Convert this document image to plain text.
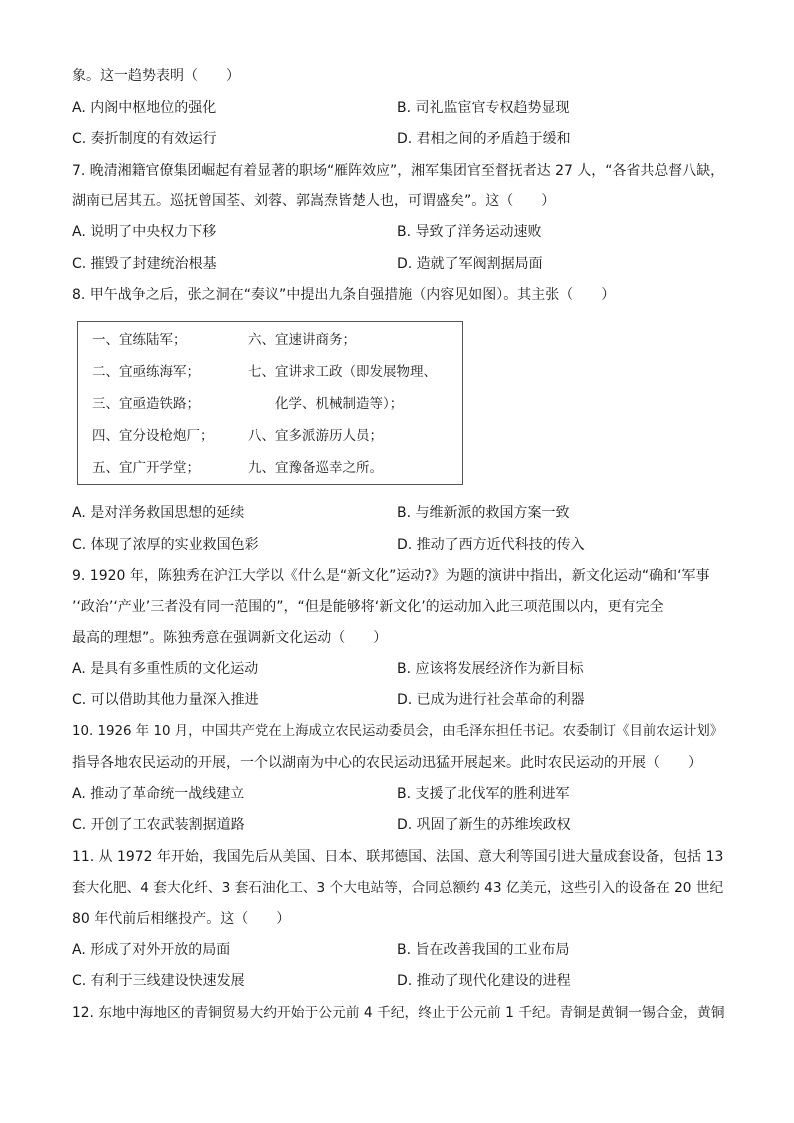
象。这一趋势表明（　　）
A. 内阁中枢地位的强化	B. 司礼监宦官专权趋势显现
C. 奏折制度的有效运行	D. 君相之间的矛盾趋于缓和
7. 晚清湘籍官僚集团崛起有着显著的职场“雁阵效应”，湘军集团官至督抚者达 27 人，“各省共总督八缺，
湖南已居其五。巡抚曾国荃、刘蓉、郭嵩焘皆楚人也，可谓盛矣”。这（　　）
A. 说明了中央权力下移	B. 导致了洋务运动速败
C. 摧毁了封建统治根基	D. 造就了军阀割据局面
8. 甲午战争之后，张之洞在“奏议”中提出九条自强措施（内容见如图）。其主张（　　）
一、宜练陆军；
二、宜亟练海军；
三、宜亟造铁路；
四、宜分设枪炮厂；
五、宜广开学堂；
六、宜速讲商务；
七、宜讲求工政（即发展物理、
化学、机械制造等）；
八、宜多派游历人员；
九、宜豫备巡幸之所。
A. 是对洋务救国思想的延续	B. 与维新派的救国方案一致
C. 体现了浓厚的实业救国色彩	D. 推动了西方近代科技的传入
9. 1920 年，陈独秀在沪江大学以《什么是“新文化”运动?》为题的演讲中指出，新文化运动“确和‘军事
’‘政治’‘产业’三者没有同一范围的”，“但是能够将‘新文化’的运动加入此三项范围以内，更有完全
最高的理想”。陈独秀意在强调新文化运动（　　）
A. 是具有多重性质的文化运动	B. 应该将发展经济作为新目标
C. 可以借助其他力量深入推进	D. 已成为进行社会革命的利器
10. 1926 年 10 月，中国共产党在上海成立农民运动委员会，由毛泽东担任书记。农委制订《目前农运计划》
指导各地农民运动的开展，一个以湖南为中心的农民运动迅猛开展起来。此时农民运动的开展（　　）
A. 推动了革命统一战线建立	B. 支援了北伐军的胜利进军
C. 开创了工农武装割据道路	D. 巩固了新生的苏维埃政权
11. 从 1972 年开始，我国先后从美国、日本、联邦德国、法国、意大利等国引进大量成套设备，包括 13
套大化肥、4 套大化纤、3 套石油化工、3 个大电站等，合同总额约 43 亿美元，这些引入的设备在 20 世纪
80 年代前后相继投产。这（　　）
A. 形成了对外开放的局面	B. 旨在改善我国的工业布局
C. 有利于三线建设快速发展	D. 推动了现代化建设的进程
12. 东地中海地区的青铜贸易大约开始于公元前 4 千纪，终止于公元前 1 千纪。青铜是黄铜一锡合金，黄铜
